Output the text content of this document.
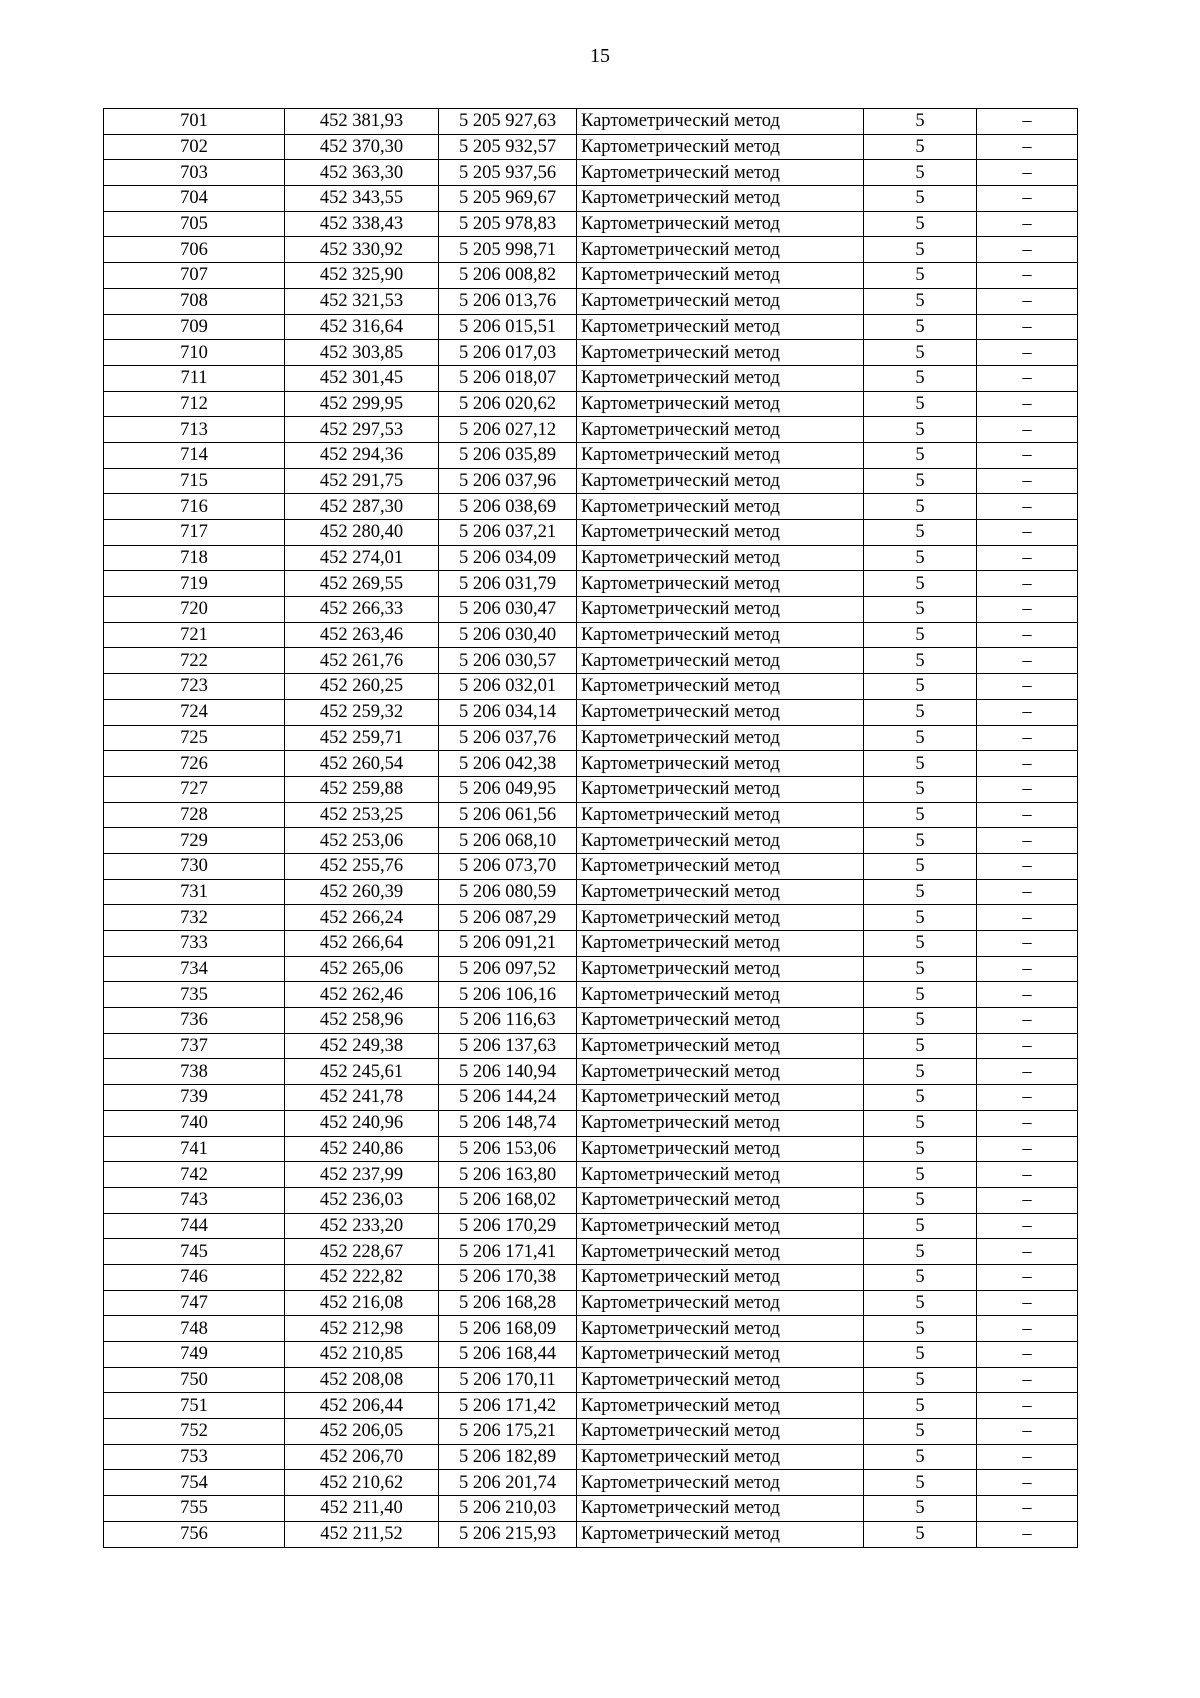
15
701	452 381,93	5 205 927,63	Картометрический метод	5	–
702	452 370,30	5 205 932,57	Картометрический метод	5	–
703	452 363,30	5 205 937,56	Картометрический метод	5	–
704	452 343,55	5 205 969,67	Картометрический метод	5	–
705	452 338,43	5 205 978,83	Картометрический метод	5	–
706	452 330,92	5 205 998,71	Картометрический метод	5	–
707	452 325,90	5 206 008,82	Картометрический метод	5	–
708	452 321,53	5 206 013,76	Картометрический метод	5	–
709	452 316,64	5 206 015,51	Картометрический метод	5	–
710	452 303,85	5 206 017,03	Картометрический метод	5	–
711	452 301,45	5 206 018,07	Картометрический метод	5	–
712	452 299,95	5 206 020,62	Картометрический метод	5	–
713	452 297,53	5 206 027,12	Картометрический метод	5	–
714	452 294,36	5 206 035,89	Картометрический метод	5	–
715	452 291,75	5 206 037,96	Картометрический метод	5	–
716	452 287,30	5 206 038,69	Картометрический метод	5	–
717	452 280,40	5 206 037,21	Картометрический метод	5	–
718	452 274,01	5 206 034,09	Картометрический метод	5	–
719	452 269,55	5 206 031,79	Картометрический метод	5	–
720	452 266,33	5 206 030,47	Картометрический метод	5	–
721	452 263,46	5 206 030,40	Картометрический метод	5	–
722	452 261,76	5 206 030,57	Картометрический метод	5	–
723	452 260,25	5 206 032,01	Картометрический метод	5	–
724	452 259,32	5 206 034,14	Картометрический метод	5	–
725	452 259,71	5 206 037,76	Картометрический метод	5	–
726	452 260,54	5 206 042,38	Картометрический метод	5	–
727	452 259,88	5 206 049,95	Картометрический метод	5	–
728	452 253,25	5 206 061,56	Картометрический метод	5	–
729	452 253,06	5 206 068,10	Картометрический метод	5	–
730	452 255,76	5 206 073,70	Картометрический метод	5	–
731	452 260,39	5 206 080,59	Картометрический метод	5	–
732	452 266,24	5 206 087,29	Картометрический метод	5	–
733	452 266,64	5 206 091,21	Картометрический метод	5	–
734	452 265,06	5 206 097,52	Картометрический метод	5	–
735	452 262,46	5 206 106,16	Картометрический метод	5	–
736	452 258,96	5 206 116,63	Картометрический метод	5	–
737	452 249,38	5 206 137,63	Картометрический метод	5	–
738	452 245,61	5 206 140,94	Картометрический метод	5	–
739	452 241,78	5 206 144,24	Картометрический метод	5	–
740	452 240,96	5 206 148,74	Картометрический метод	5	–
741	452 240,86	5 206 153,06	Картометрический метод	5	–
742	452 237,99	5 206 163,80	Картометрический метод	5	–
743	452 236,03	5 206 168,02	Картометрический метод	5	–
744	452 233,20	5 206 170,29	Картометрический метод	5	–
745	452 228,67	5 206 171,41	Картометрический метод	5	–
746	452 222,82	5 206 170,38	Картометрический метод	5	–
747	452 216,08	5 206 168,28	Картометрический метод	5	–
748	452 212,98	5 206 168,09	Картометрический метод	5	–
749	452 210,85	5 206 168,44	Картометрический метод	5	–
750	452 208,08	5 206 170,11	Картометрический метод	5	–
751	452 206,44	5 206 171,42	Картометрический метод	5	–
752	452 206,05	5 206 175,21	Картометрический метод	5	–
753	452 206,70	5 206 182,89	Картометрический метод	5	–
754	452 210,62	5 206 201,74	Картометрический метод	5	–
755	452 211,40	5 206 210,03	Картометрический метод	5	–
756	452 211,52	5 206 215,93	Картометрический метод	5	–
